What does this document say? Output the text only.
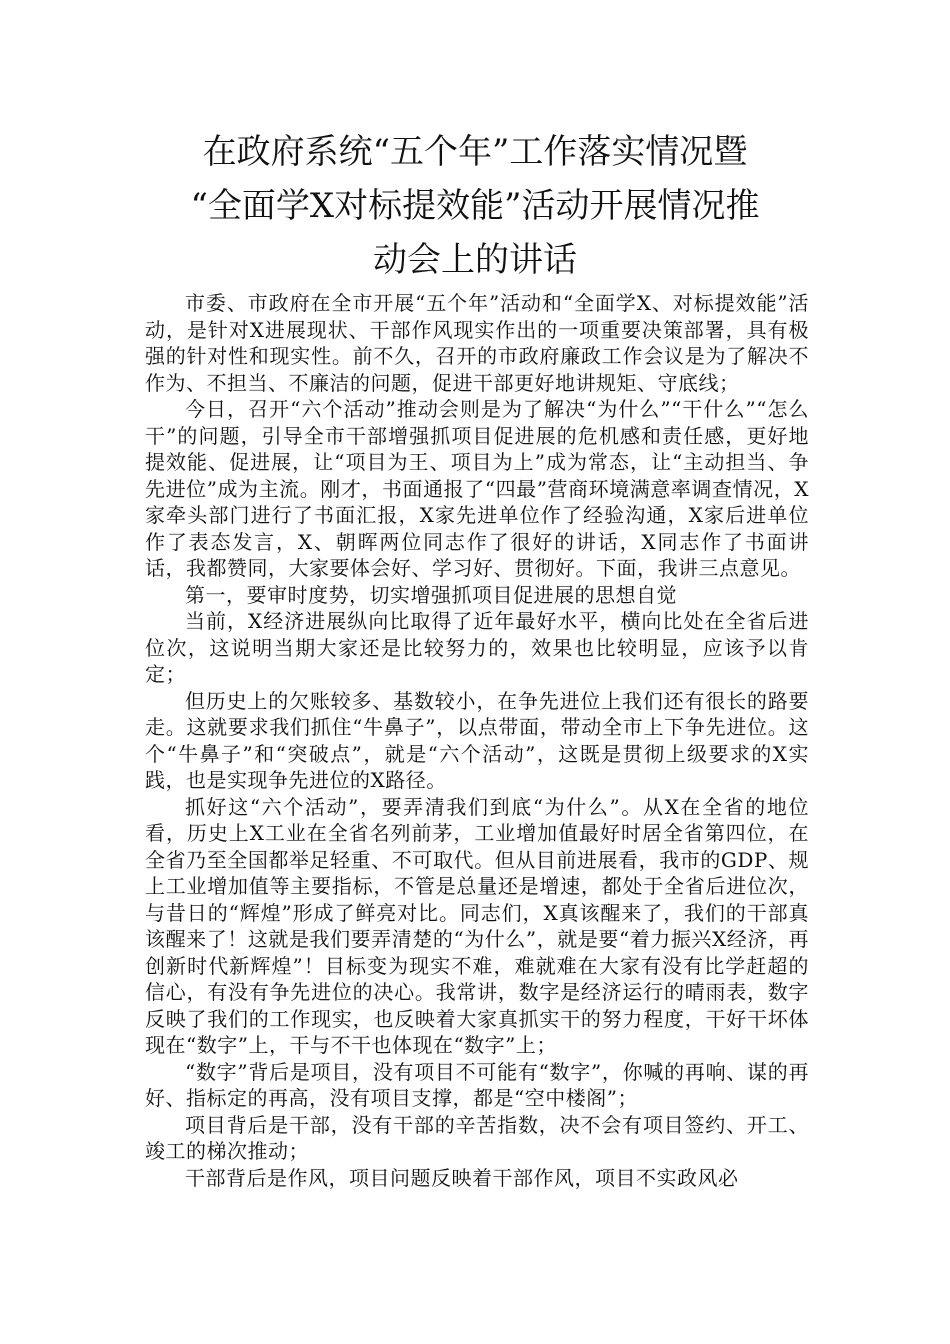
在政府系统“五个年”工作落实情况暨
“全面学X对标提效能”活动开展情况推
动会上的讲话

市委、市政府在全市开展“五个年”活动和“全面学X、对标提效能”活动，是针对X进展现状、干部作风现实作出的一项重要决策部署，具有极强的针对性和现实性。前不久，召开的市政府廉政工作会议是为了解决不作为、不担当、不廉洁的问题，促进干部更好地讲规矩、守底线；

今日，召开“六个活动”推动会则是为了解决“为什么”“干什么”“怎么干”的问题，引导全市干部增强抓项目促进展的危机感和责任感，更好地提效能、促进展，让“项目为王、项目为上”成为常态，让“主动担当、争先进位”成为主流。刚才，书面通报了“四最”营商环境满意率调查情况，X家牵头部门进行了书面汇报，X家先进单位作了经验沟通，X家后进单位作了表态发言，X、朝晖两位同志作了很好的讲话，X同志作了书面讲话，我都赞同，大家要体会好、学习好、贯彻好。下面，我讲三点意见。

第一，要审时度势，切实增强抓项目促进展的思想自觉

当前，X经济进展纵向比取得了近年最好水平，横向比处在全省后进位次，这说明当期大家还是比较努力的，效果也比较明显，应该予以肯定；

但历史上的欠账较多、基数较小，在争先进位上我们还有很长的路要走。这就要求我们抓住“牛鼻子”，以点带面，带动全市上下争先进位。这个“牛鼻子”和“突破点”，就是“六个活动”，这既是贯彻上级要求的X实践，也是实现争先进位的X路径。

抓好这“六个活动”，要弄清我们到底“为什么”。从X在全省的地位看，历史上X工业在全省名列前茅，工业增加值最好时居全省第四位，在全省乃至全国都举足轻重、不可取代。但从目前进展看，我市的GDP、规上工业增加值等主要指标，不管是总量还是增速，都处于全省后进位次，与昔日的“辉煌”形成了鲜亮对比。同志们，X真该醒来了，我们的干部真该醒来了！这就是我们要弄清楚的“为什么”，就是要“着力振兴X经济，再创新时代新辉煌”！目标变为现实不难，难就难在大家有没有比学赶超的信心，有没有争先进位的决心。我常讲，数字是经济运行的晴雨表，数字反映了我们的工作现实，也反映着大家真抓实干的努力程度，干好干坏体现在“数字”上，干与不干也体现在“数字”上；

“数字”背后是项目，没有项目不可能有“数字”，你喊的再响、谋的再好、指标定的再高，没有项目支撑，都是“空中楼阁”；

项目背后是干部，没有干部的辛苦指数，决不会有项目签约、开工、竣工的梯次推动；

干部背后是作风，项目问题反映着干部作风，项目不实政风必
